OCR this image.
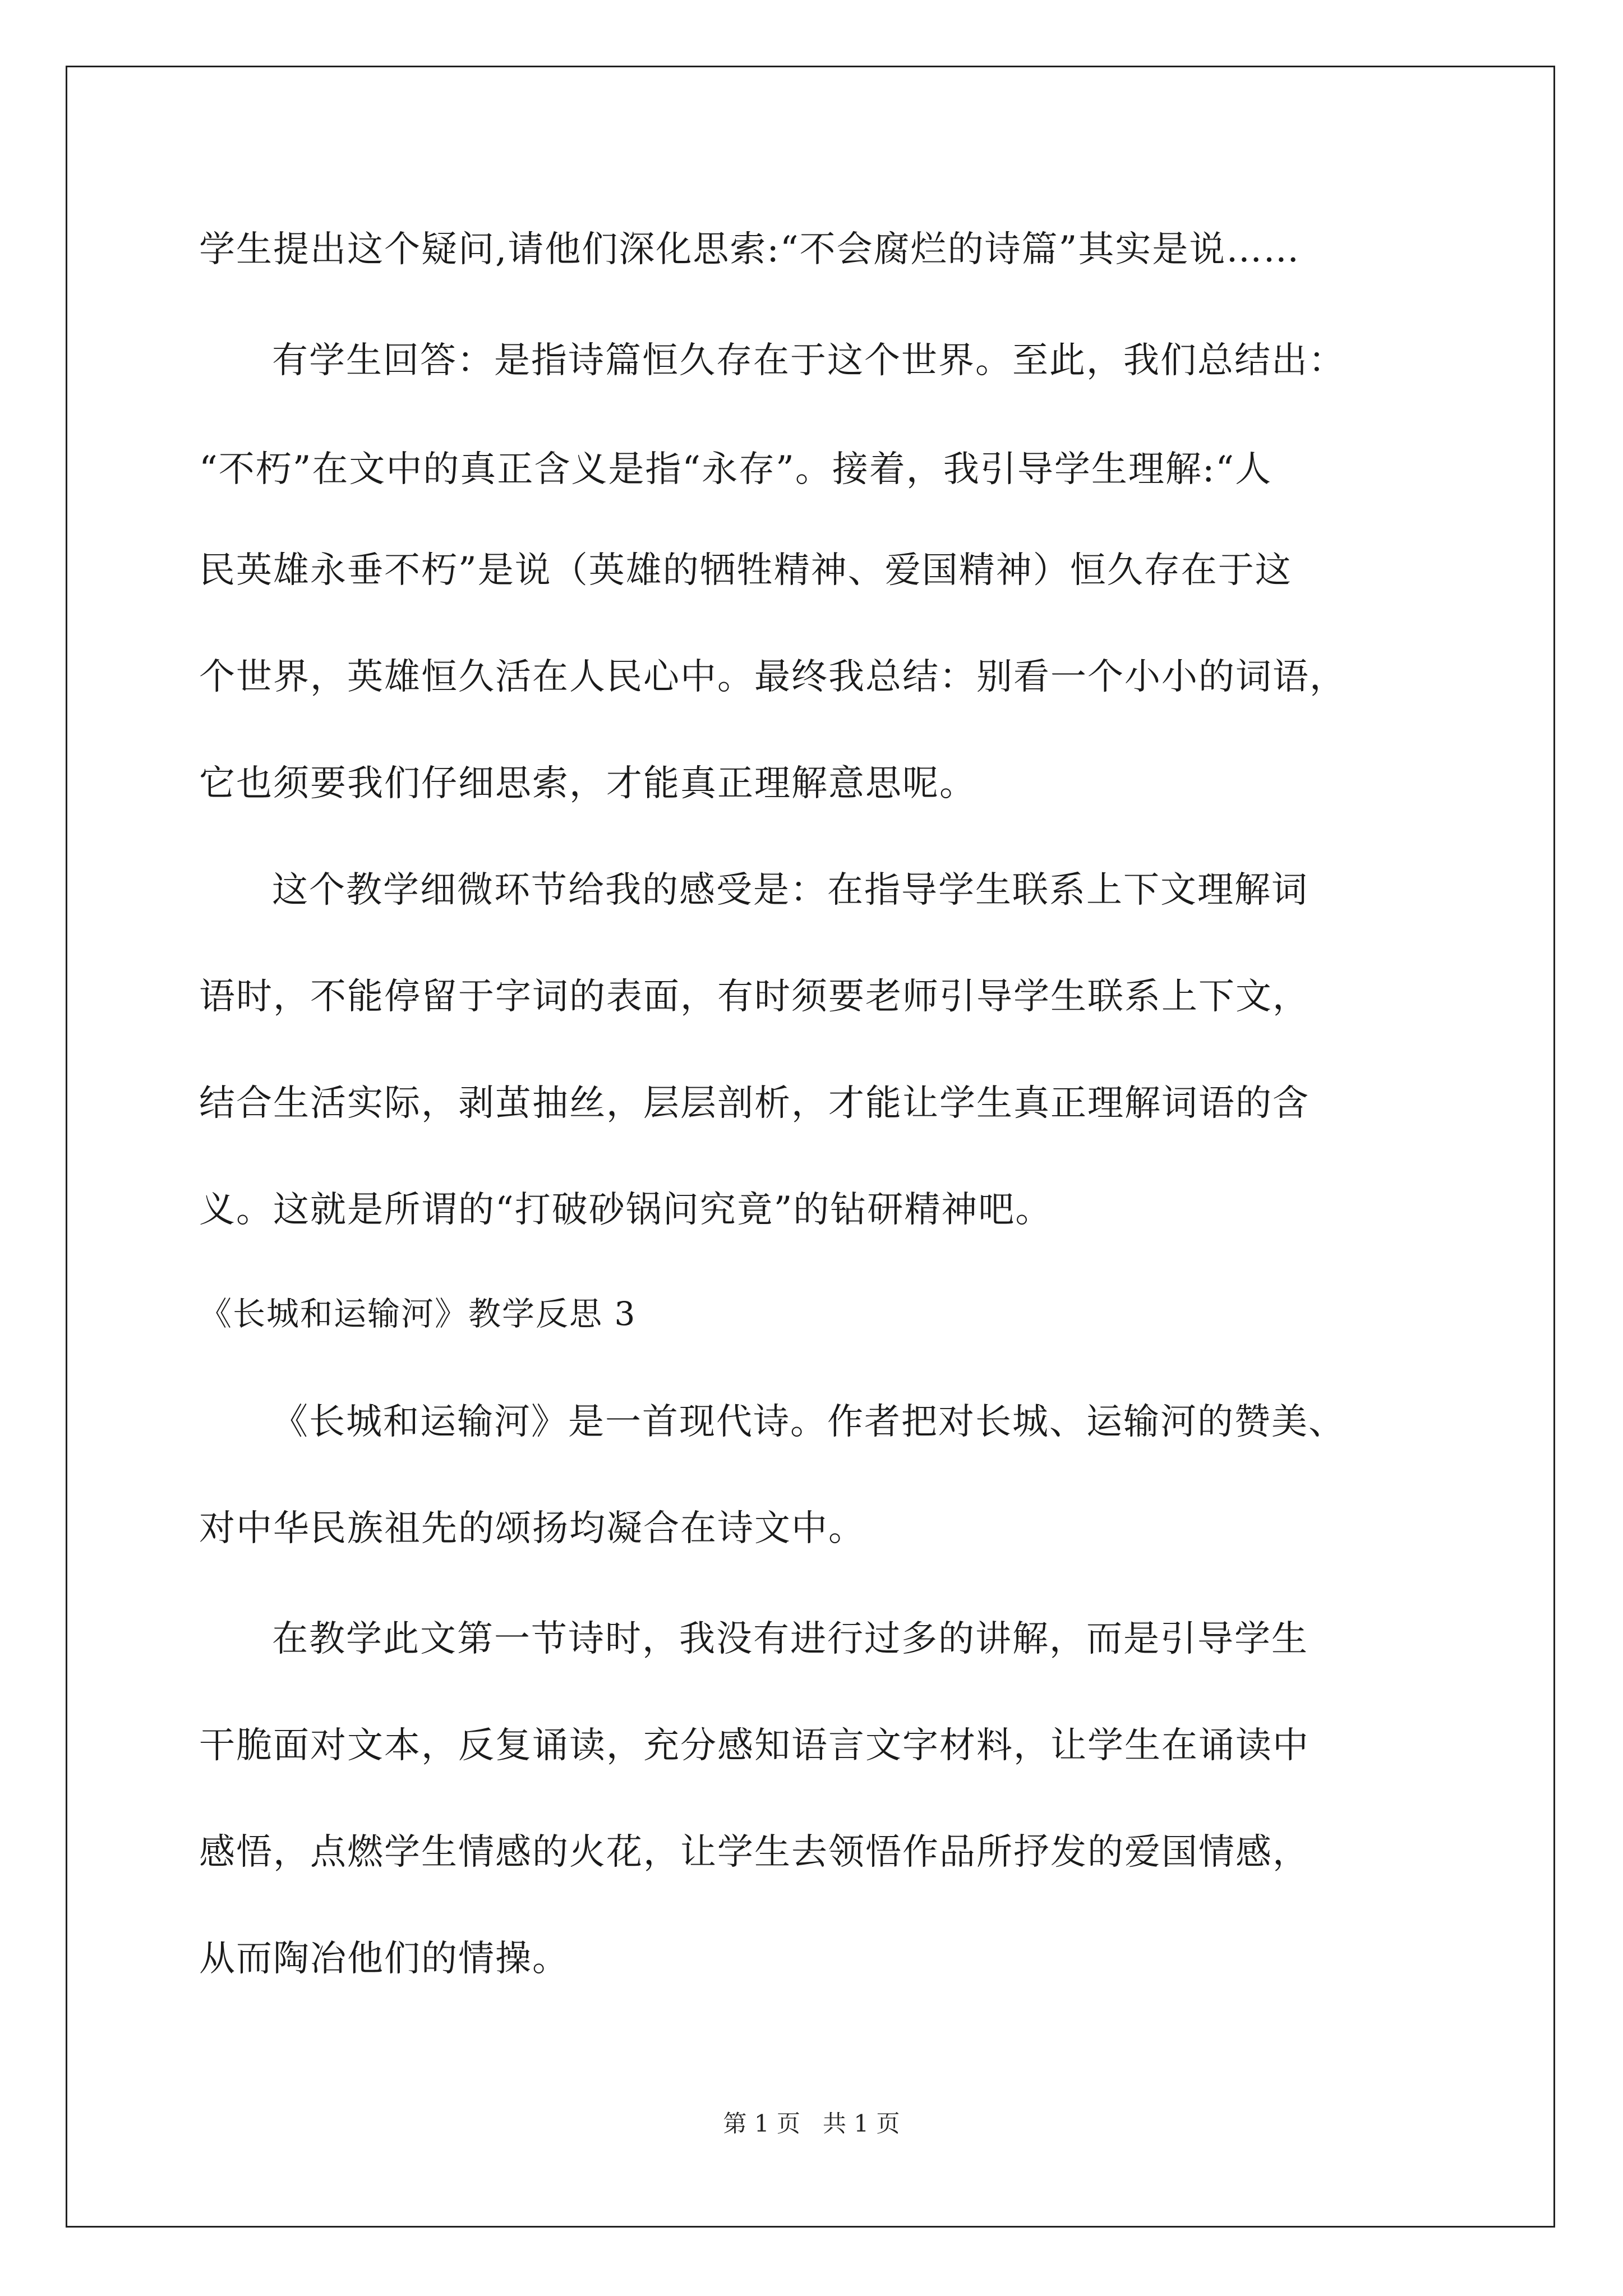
学生提出这个疑问,请他们深化思索:“不会腐烂的诗篇”其实是说……

有学生回答：是指诗篇恒久存在于这个世界。至此，我们总结出：

“不朽”在文中的真正含义是指“永存”。接着，我引导学生理解:“人

民英雄永垂不朽”是说（英雄的牺牲精神、爱国精神）恒久存在于这

个世界，英雄恒久活在人民心中。最终我总结：别看一个小小的词语，

它也须要我们仔细思索，才能真正理解意思呢。

这个教学细微环节给我的感受是：在指导学生联系上下文理解词

语时，不能停留于字词的表面，有时须要老师引导学生联系上下文，

结合生活实际，剥茧抽丝，层层剖析，才能让学生真正理解词语的含

义。这就是所谓的“打破砂锅问究竟”的钻研精神吧。

《长城和运输河》教学反思 3

《长城和运输河》是一首现代诗。作者把对长城、运输河的赞美、

对中华民族祖先的颂扬均凝合在诗文中。

在教学此文第一节诗时，我没有进行过多的讲解，而是引导学生

干脆面对文本，反复诵读，充分感知语言文字材料，让学生在诵读中

感悟，点燃学生情感的火花，让学生去领悟作品所抒发的爱国情感，

从而陶冶他们的情操。

第 1 页   共 1 页
